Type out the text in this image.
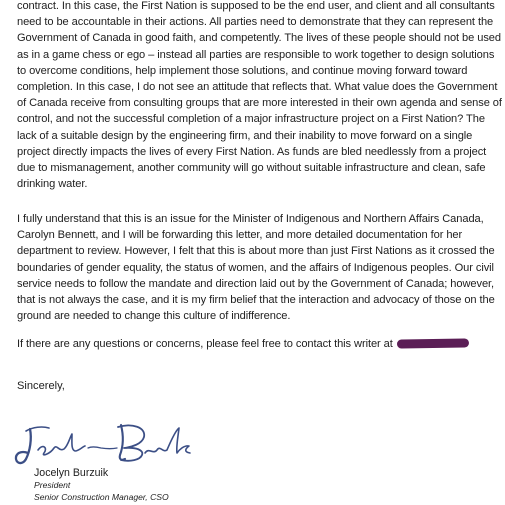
contract. In this case, the First Nation is supposed to be the end user, and client and all consultants need to be accountable in their actions. All parties need to demonstrate that they can represent the Government of Canada in good faith, and competently. The lives of these people should not be used as in a game chess or ego – instead all parties are responsible to work together to design solutions to overcome conditions, help implement those solutions, and continue moving forward toward completion. In this case, I do not see an attitude that reflects that. What value does the Government of Canada receive from consulting groups that are more interested in their own agenda and sense of control, and not the successful completion of a major infrastructure project on a First Nation? The lack of a suitable design by the engineering firm, and their inability to move forward on a single project directly impacts the lives of every First Nation. As funds are bled needlessly from a project due to mismanagement, another community will go without suitable infrastructure and clean, safe drinking water.

I fully understand that this is an issue for the Minister of Indigenous and Northern Affairs Canada, Carolyn Bennett, and I will be forwarding this letter, and more detailed documentation for her department to review. However, I felt that this is about more than just First Nations as it crossed the boundaries of gender equality, the status of women, and the affairs of Indigenous peoples. Our civil service needs to follow the mandate and direction laid out by the Government of Canada; however, that is not always the case, and it is my firm belief that the interaction and advocacy of those on the ground are needed to change this culture of indifference.

If there are any questions or concerns, please feel free to contact this writer at

Sincerely,

Jocelyn Burzuik

President

Senior Construction Manager, CSO
